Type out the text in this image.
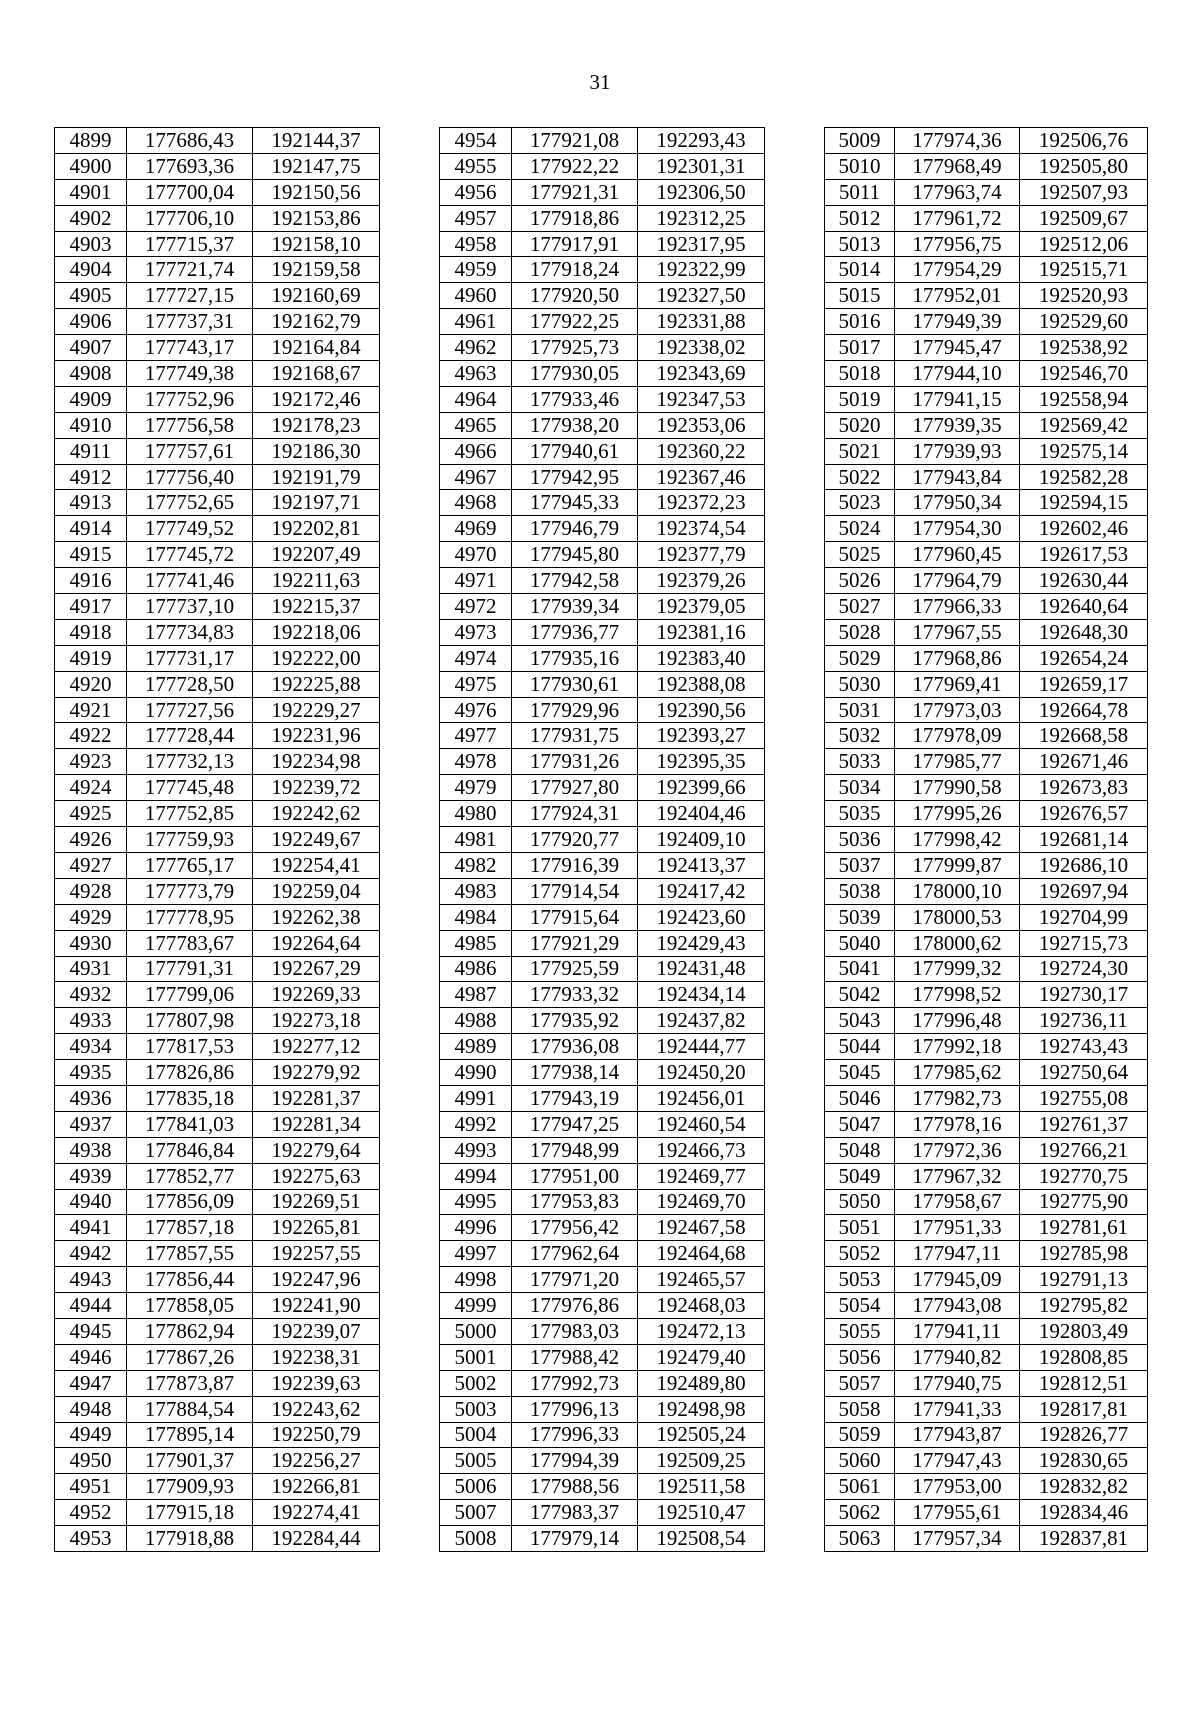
31
4899	177686,43	192144,37
4900	177693,36	192147,75
4901	177700,04	192150,56
4902	177706,10	192153,86
4903	177715,37	192158,10
4904	177721,74	192159,58
4905	177727,15	192160,69
4906	177737,31	192162,79
4907	177743,17	192164,84
4908	177749,38	192168,67
4909	177752,96	192172,46
4910	177756,58	192178,23
4911	177757,61	192186,30
4912	177756,40	192191,79
4913	177752,65	192197,71
4914	177749,52	192202,81
4915	177745,72	192207,49
4916	177741,46	192211,63
4917	177737,10	192215,37
4918	177734,83	192218,06
4919	177731,17	192222,00
4920	177728,50	192225,88
4921	177727,56	192229,27
4922	177728,44	192231,96
4923	177732,13	192234,98
4924	177745,48	192239,72
4925	177752,85	192242,62
4926	177759,93	192249,67
4927	177765,17	192254,41
4928	177773,79	192259,04
4929	177778,95	192262,38
4930	177783,67	192264,64
4931	177791,31	192267,29
4932	177799,06	192269,33
4933	177807,98	192273,18
4934	177817,53	192277,12
4935	177826,86	192279,92
4936	177835,18	192281,37
4937	177841,03	192281,34
4938	177846,84	192279,64
4939	177852,77	192275,63
4940	177856,09	192269,51
4941	177857,18	192265,81
4942	177857,55	192257,55
4943	177856,44	192247,96
4944	177858,05	192241,90
4945	177862,94	192239,07
4946	177867,26	192238,31
4947	177873,87	192239,63
4948	177884,54	192243,62
4949	177895,14	192250,79
4950	177901,37	192256,27
4951	177909,93	192266,81
4952	177915,18	192274,41
4953	177918,88	192284,44
4954	177921,08	192293,43
4955	177922,22	192301,31
4956	177921,31	192306,50
4957	177918,86	192312,25
4958	177917,91	192317,95
4959	177918,24	192322,99
4960	177920,50	192327,50
4961	177922,25	192331,88
4962	177925,73	192338,02
4963	177930,05	192343,69
4964	177933,46	192347,53
4965	177938,20	192353,06
4966	177940,61	192360,22
4967	177942,95	192367,46
4968	177945,33	192372,23
4969	177946,79	192374,54
4970	177945,80	192377,79
4971	177942,58	192379,26
4972	177939,34	192379,05
4973	177936,77	192381,16
4974	177935,16	192383,40
4975	177930,61	192388,08
4976	177929,96	192390,56
4977	177931,75	192393,27
4978	177931,26	192395,35
4979	177927,80	192399,66
4980	177924,31	192404,46
4981	177920,77	192409,10
4982	177916,39	192413,37
4983	177914,54	192417,42
4984	177915,64	192423,60
4985	177921,29	192429,43
4986	177925,59	192431,48
4987	177933,32	192434,14
4988	177935,92	192437,82
4989	177936,08	192444,77
4990	177938,14	192450,20
4991	177943,19	192456,01
4992	177947,25	192460,54
4993	177948,99	192466,73
4994	177951,00	192469,77
4995	177953,83	192469,70
4996	177956,42	192467,58
4997	177962,64	192464,68
4998	177971,20	192465,57
4999	177976,86	192468,03
5000	177983,03	192472,13
5001	177988,42	192479,40
5002	177992,73	192489,80
5003	177996,13	192498,98
5004	177996,33	192505,24
5005	177994,39	192509,25
5006	177988,56	192511,58
5007	177983,37	192510,47
5008	177979,14	192508,54
5009	177974,36	192506,76
5010	177968,49	192505,80
5011	177963,74	192507,93
5012	177961,72	192509,67
5013	177956,75	192512,06
5014	177954,29	192515,71
5015	177952,01	192520,93
5016	177949,39	192529,60
5017	177945,47	192538,92
5018	177944,10	192546,70
5019	177941,15	192558,94
5020	177939,35	192569,42
5021	177939,93	192575,14
5022	177943,84	192582,28
5023	177950,34	192594,15
5024	177954,30	192602,46
5025	177960,45	192617,53
5026	177964,79	192630,44
5027	177966,33	192640,64
5028	177967,55	192648,30
5029	177968,86	192654,24
5030	177969,41	192659,17
5031	177973,03	192664,78
5032	177978,09	192668,58
5033	177985,77	192671,46
5034	177990,58	192673,83
5035	177995,26	192676,57
5036	177998,42	192681,14
5037	177999,87	192686,10
5038	178000,10	192697,94
5039	178000,53	192704,99
5040	178000,62	192715,73
5041	177999,32	192724,30
5042	177998,52	192730,17
5043	177996,48	192736,11
5044	177992,18	192743,43
5045	177985,62	192750,64
5046	177982,73	192755,08
5047	177978,16	192761,37
5048	177972,36	192766,21
5049	177967,32	192770,75
5050	177958,67	192775,90
5051	177951,33	192781,61
5052	177947,11	192785,98
5053	177945,09	192791,13
5054	177943,08	192795,82
5055	177941,11	192803,49
5056	177940,82	192808,85
5057	177940,75	192812,51
5058	177941,33	192817,81
5059	177943,87	192826,77
5060	177947,43	192830,65
5061	177953,00	192832,82
5062	177955,61	192834,46
5063	177957,34	192837,81
